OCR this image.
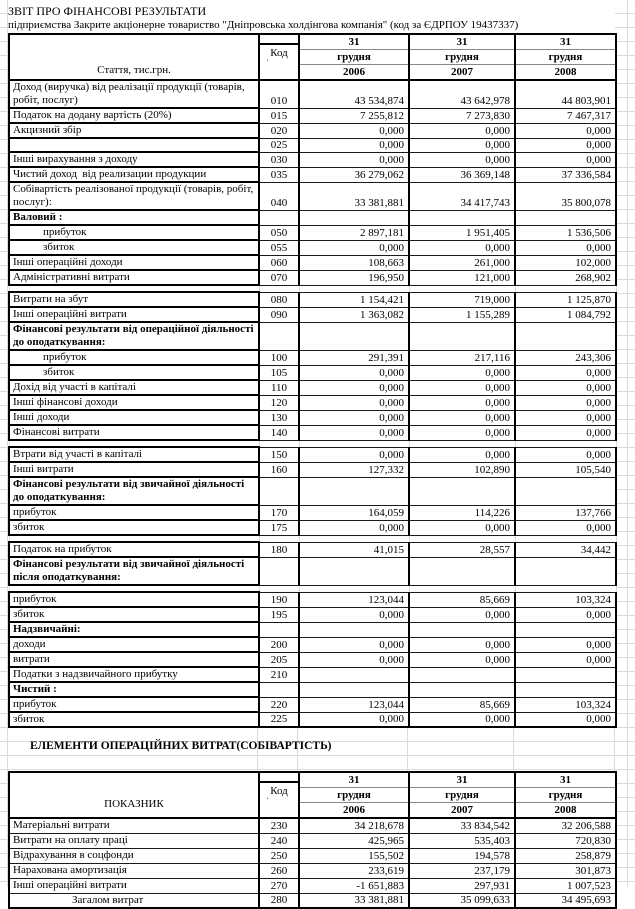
ЗВІТ ПРО ФІНАНСОВІ РЕЗУЛЬТАТИ

підприємства Закрите акціонерне товариство "Дніпровська холдінгова компанія" (код за ЄДРПОУ 19437337)

Стаття, тис.грн.	
Код
'

31
грудня
2006

31
грудня
2007

31
грудня
2008

Доход (виручка) від реалізації продукції (товарів, робіт, послуг)	010	43 534,874	43 642,978	44 803,901
Податок на додану вартість (20%)	015	7 255,812	7 273,830	7 467,317
Акцизний збір	020	0,000	0,000	0,000
	025	0,000	0,000	0,000
Інші вирахування з доходу	030	0,000	0,000	0,000
Чистий доход  від реализации продукции	035	36 279,062	36 369,148	37 336,584
Собівартість реалізованої продукції (товарів, робіт, послуг):	040	33 381,881	34 417,743	35 800,078
Валовий :				
прибуток	050	2 897,181	1 951,405	1 536,506
збиток	055	0,000	0,000	0,000
Інші операційні доходи	060	108,663	261,000	102,000
Адміністративні витрати	070	196,950	121,000	268,902

Витрати на збут	080	1 154,421	719,000	1 125,870
Інші операційні витрати	090	1 363,082	1 155,289	1 084,792
Фінансові результати від операційної діяльності до оподаткування:				
прибуток	100	291,391	217,116	243,306
збиток	105	0,000	0,000	0,000
Дохід від участі в капіталі	110	0,000	0,000	0,000
Інші фінансові доходи	120	0,000	0,000	0,000
Інші доходи	130	0,000	0,000	0,000
Фінансові витрати	140	0,000	0,000	0,000

Втрати від участі в капіталі	150	0,000	0,000	0,000
Інші витрати	160	127,332	102,890	105,540
Фінансові результати від звичайної діяльності до оподаткування:				
прибуток	170	164,059	114,226	137,766
збиток	175	0,000	0,000	0,000

Податок на прибуток	180	41,015	28,557	34,442
Фінансові результати від звичайної діяльності після оподаткування:				

прибуток	190	123,044	85,669	103,324
збиток	195	0,000	0,000	0,000
Надзвичайні:				
доходи	200	0,000	0,000	0,000
витрати	205	0,000	0,000	0,000
Податки з надзвичайного прибутку	210			
Чистий :				
прибуток	220	123,044	85,669	103,324
збиток	225	0,000	0,000	0,000
ЕЛЕМЕНТИ ОПЕРАЦІЙНИХ ВИТРАТ(СОБІВАРТІСТЬ)
ПОКАЗНИК	
Код
'

31
грудня
2006

31
грудня
2007

31
грудня
2008

Матеріальні витрати	230	34 218,678	33 834,542	32 206,588
Витрати на оплату праці	240	425,965	535,403	720,830
Відрахування в соцфонди	250	155,502	194,578	258,879
Нарахована амортизація	260	233,619	237,179	301,873
Інші операційні витрати	270	-1 651,883	297,931	1 007,523
Загалом витрат	280	33 381,881	35 099,633	34 495,693
